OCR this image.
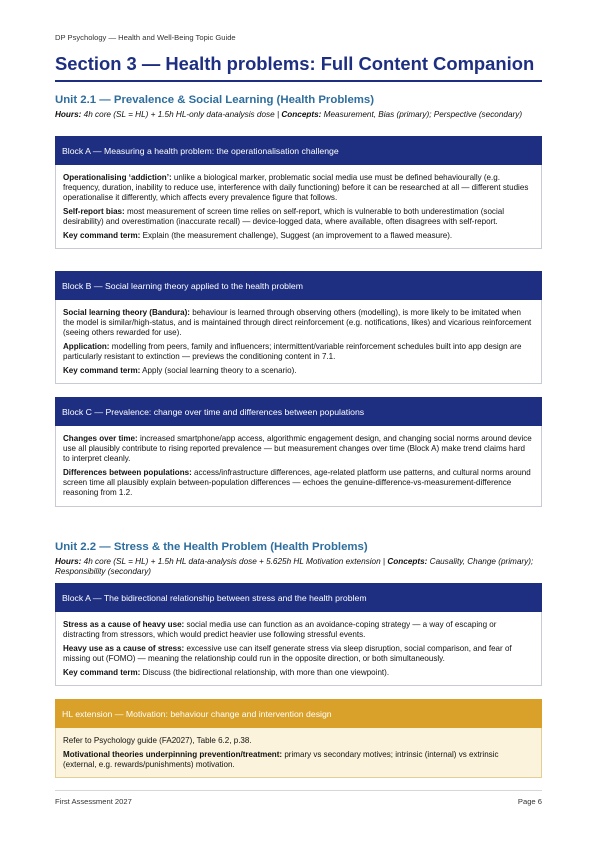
DP Psychology — Health and Well-Being Topic Guide
Section 3 — Health problems: Full Content Companion
Unit 2.1 — Prevalence & Social Learning (Health Problems)

Hours: 4h core (SL = HL) + 1.5h HL-only data-analysis dose | Concepts: Measurement, Bias (primary); Perspective (secondary)

Block A — Measuring a health problem: the operationalisation challenge

Operationalising ‘addiction’: unlike a biological marker, problematic social media use must be defined behaviourally (e.g. frequency, duration, inability to reduce use, interference with daily functioning) before it can be researched at all — different studies operationalise it differently, which affects every prevalence figure that follows.

Self-report bias: most measurement of screen time relies on self-report, which is vulnerable to both underestimation (social desirability) and overestimation (inaccurate recall) — device-logged data, where available, often disagrees with self-report.

Key command term: Explain (the measurement challenge), Suggest (an improvement to a flawed measure).

Block B — Social learning theory applied to the health problem

Social learning theory (Bandura): behaviour is learned through observing others (modelling), is more likely to be imitated when the model is similar/high-status, and is maintained through direct reinforcement (e.g. notifications, likes) and vicarious reinforcement (seeing others rewarded for use).

Application: modelling from peers, family and influencers; intermittent/variable reinforcement schedules built into app design are particularly resistant to extinction — previews the conditioning content in 7.1.

Key command term: Apply (social learning theory to a scenario).

Block C — Prevalence: change over time and differences between populations

Changes over time: increased smartphone/app access, algorithmic engagement design, and changing social norms around device use all plausibly contribute to rising reported prevalence — but measurement changes over time (Block A) make trend claims hard to interpret cleanly.

Differences between populations: access/infrastructure differences, age-related platform use patterns, and cultural norms around screen time all plausibly explain between-population differences — echoes the genuine-difference-vs-measurement-difference reasoning from 1.2.

Unit 2.2 — Stress & the Health Problem (Health Problems)

Hours: 4h core (SL = HL) + 1.5h HL data-analysis dose + 5.625h HL Motivation extension | Concepts: Causality, Change (primary); Responsibility (secondary)

Block A — The bidirectional relationship between stress and the health problem

Stress as a cause of heavy use: social media use can function as an avoidance-coping strategy — a way of escaping or distracting from stressors, which would predict heavier use following stressful events.

Heavy use as a cause of stress: excessive use can itself generate stress via sleep disruption, social comparison, and fear of missing out (FOMO) — meaning the relationship could run in the opposite direction, or both simultaneously.

Key command term: Discuss (the bidirectional relationship, with more than one viewpoint).

HL extension — Motivation: behaviour change and intervention design

Refer to Psychology guide (FA2027), Table 6.2, p.38.

Motivational theories underpinning prevention/treatment: primary vs secondary motives; intrinsic (internal) vs extrinsic (external, e.g. rewards/punishments) motivation.

First Assessment 2027	Page 6
